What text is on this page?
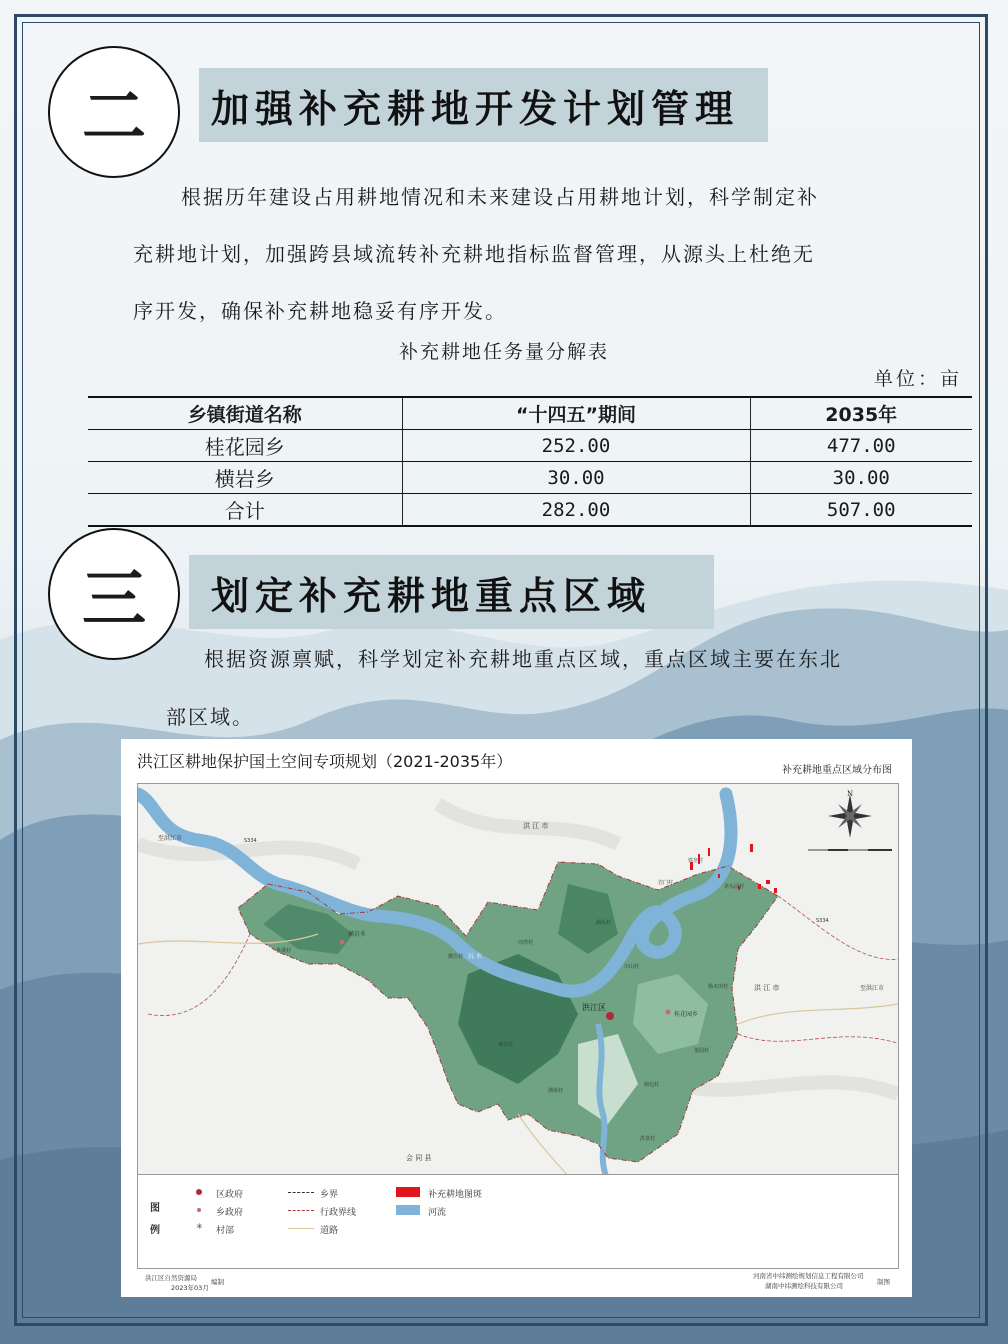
二 加强补充耕地开发计划管理
根据历年建设占用耕地情况和未来建设占用耕地计划，科学制定补
充耕地计划，加强跨县域流转补充耕地指标监督管理，从源头上杜绝无
序开发，确保补充耕地稳妥有序开发。
补充耕地任务量分解表
单位：亩
乡镇街道名称	“十四五”期间	2035年
桂花园乡	252.00	477.00
横岩乡	30.00	30.00
合计	282.00	507.00
三 划定补充耕地重点区域
根据资源禀赋，科学划定补充耕地重点区域，重点区域主要在东北
部区域。
洪江区耕地保护国土空间专项规划（2021-2035年）	补充耕地重点区域分布图
N
洪 江 市
洪 江 市
会 同 县
洪江区
至洪江市
至洪江市
桂花园乡
横岩乡
S334
S334
沅 水
铁皂村
岩门村
茅头园村
洞头村
沙湾村
横岩村
杨木田村
茶园村
塘边村
渔梁村
洪泉村
川山村
鲁溪村
黄岩村
图
例
区政府
乡政府
✳ 村部
乡界
行政界线
道路
补充耕地图斑
河流
洪江区自然资源局
2023年03月
编制
河南省中纬测绘规划信息工程有限公司
湖南中纬测绘科技有限公司	制图
